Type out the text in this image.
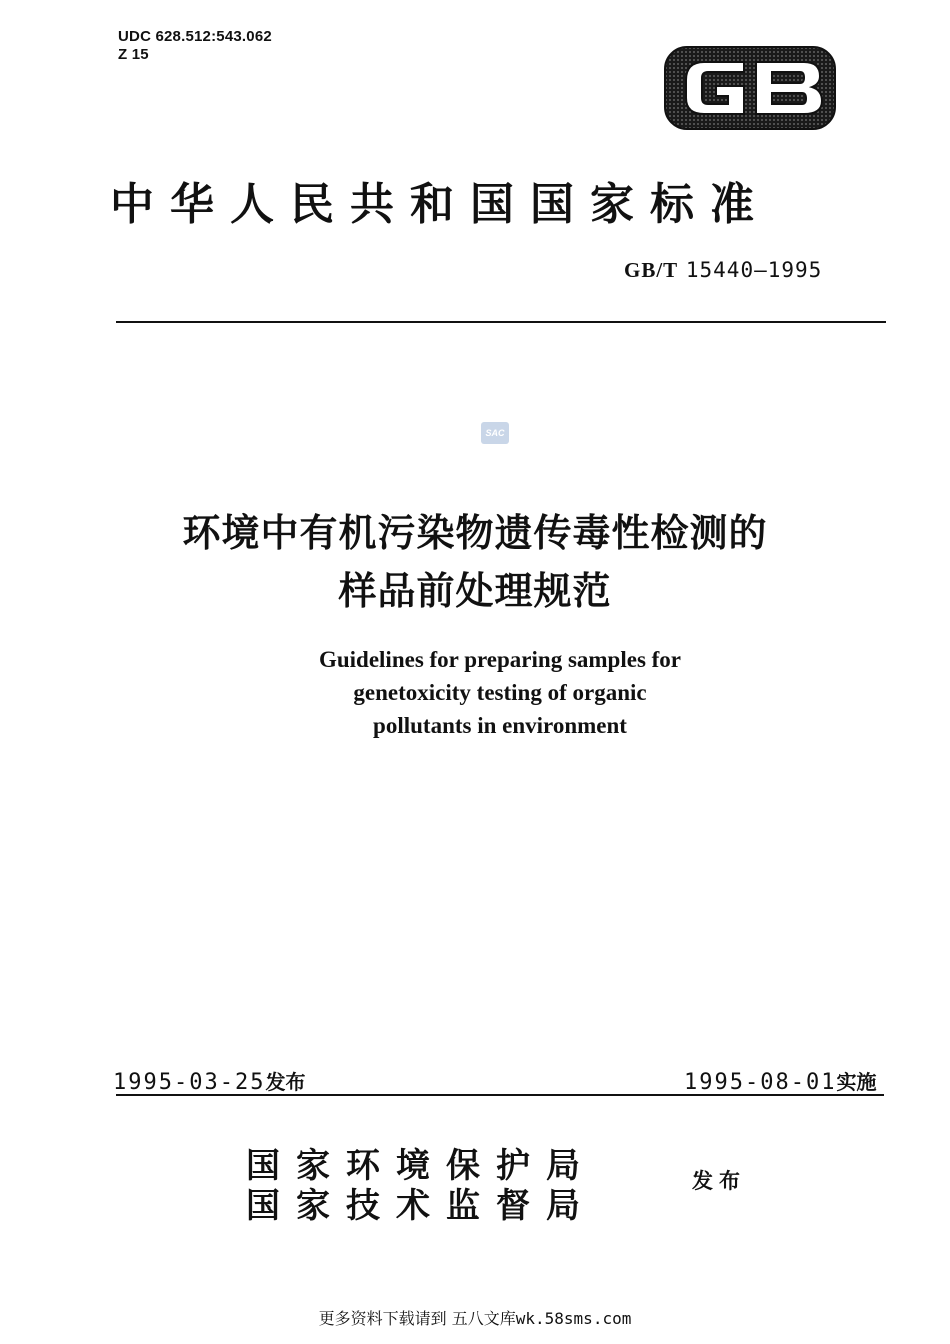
UDC 628.512:543.062
Z 15
中华人民共和国国家标准
GB/T 15440—1995
SAC
环境中有机污染物遗传毒性检测的
样品前处理规范
Guidelines for preparing samples for
genetoxicity testing of organic
pollutants in environment
1995-03-25发布	1995-08-01实施
国家环境保护局
国家技术监督局
发布
更多资料下载请到 五八文库wk.58sms.com
